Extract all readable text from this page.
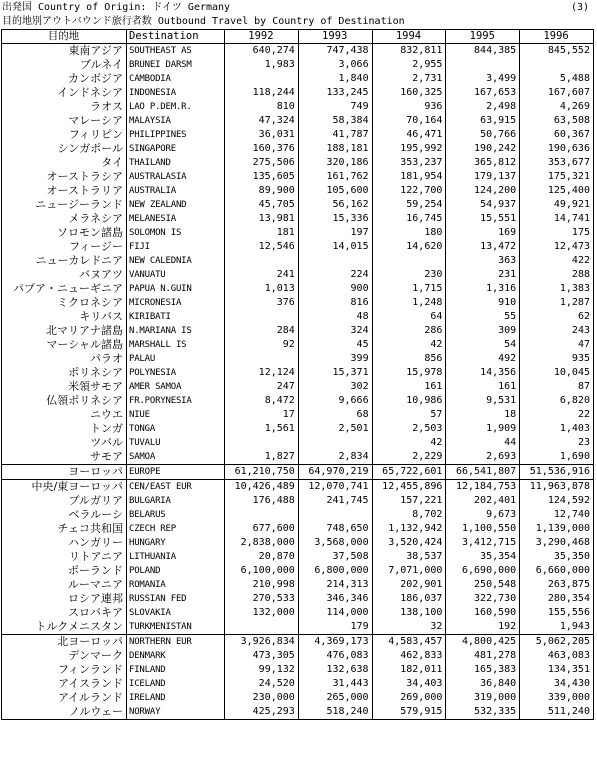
出発国 Country of Origin: ドイツ Germany	(3)
目的地別アウトバウンド旅行者数 Outbound Travel by Country of Destination
目的地	Destination	1992	1993	1994	1995	1996
東南アジア	SOUTHEAST AS	640,274	747,438	832,811	844,385	845,552
ブルネイ	BRUNEI DARSM	1,983	3,066	2,955		
カンボジア	CAMBODIA		1,840	2,731	3,499	5,488
インドネシア	INDONESIA	118,244	133,245	160,325	167,653	167,607
ラオス	LAO P.DEM.R.	810	749	936	2,498	4,269
マレーシア	MALAYSIA	47,324	58,384	70,164	63,915	63,508
フィリピン	PHILIPPINES	36,031	41,787	46,471	50,766	60,367
シンガポール	SINGAPORE	160,376	188,181	195,992	190,242	190,636
タイ	THAILAND	275,506	320,186	353,237	365,812	353,677
オーストラシア	AUSTRALASIA	135,605	161,762	181,954	179,137	175,321
オーストラリア	AUSTRALIA	89,900	105,600	122,700	124,200	125,400
ニュージーランド	NEW ZEALAND	45,705	56,162	59,254	54,937	49,921
メラネシア	MELANESIA	13,981	15,336	16,745	15,551	14,741
ソロモン諸島	SOLOMON IS	181	197	180	169	175
フィージー	FIJI	12,546	14,015	14,620	13,472	12,473
ニューカレドニア	NEW CALEDNIA				363	422
バヌアツ	VANUATU	241	224	230	231	288
パプア・ニューギニア	PAPUA N.GUIN	1,013	900	1,715	1,316	1,383
ミクロネシア	MICRONESIA	376	816	1,248	910	1,287
キリバス	KIRIBATI		48	64	55	62
北マリアナ諸島	N.MARIANA IS	284	324	286	309	243
マーシャル諸島	MARSHALL IS	92	45	42	54	47
パラオ	PALAU		399	856	492	935
ポリネシア	POLYNESIA	12,124	15,371	15,978	14,356	10,045
米領サモア	AMER SAMOA	247	302	161	161	87
仏領ポリネシア	FR.PORYNESIA	8,472	9,666	10,986	9,531	6,820
ニウエ	NIUE	17	68	57	18	22
トンガ	TONGA	1,561	2,501	2,503	1,909	1,403
ツバル	TUVALU			42	44	23
サモア	SAMOA	1,827	2,834	2,229	2,693	1,690
ヨーロッパ	EUROPE	61,210,750	64,970,219	65,722,601	66,541,807	51,536,916
中央/東ヨーロッパ	CEN/EAST EUR	10,426,489	12,070,741	12,455,896	12,184,753	11,963,878
ブルガリア	BULGARIA	176,488	241,745	157,221	202,401	124,592
ベラルーシ	BELARUS			8,702	9,673	12,740
チェコ共和国	CZECH REP	677,600	748,650	1,132,942	1,100,550	1,139,000
ハンガリー	HUNGARY	2,838,000	3,568,000	3,520,424	3,412,715	3,290,468
リトアニア	LITHUANIA	20,870	37,508	38,537	35,354	35,350
ポーランド	POLAND	6,100,000	6,800,000	7,071,000	6,690,000	6,660,000
ルーマニア	ROMANIA	210,998	214,313	202,901	250,548	263,875
ロシア連邦	RUSSIAN FED	270,533	346,346	186,037	322,730	280,354
スロバキア	SLOVAKIA	132,000	114,000	138,100	160,590	155,556
トルクメニスタン	TURKMENISTAN		179	32	192	1,943
北ヨーロッパ	NORTHERN EUR	3,926,834	4,369,173	4,583,457	4,800,425	5,062,205
デンマーク	DENMARK	473,305	476,083	462,833	481,278	463,083
フィンランド	FINLAND	99,132	132,638	182,011	165,383	134,351
アイスランド	ICELAND	24,520	31,443	34,403	36,840	34,430
アイルランド	IRELAND	230,000	265,000	269,000	319,000	339,000
ノルウェー	NORWAY	425,293	518,240	579,915	532,335	511,240
